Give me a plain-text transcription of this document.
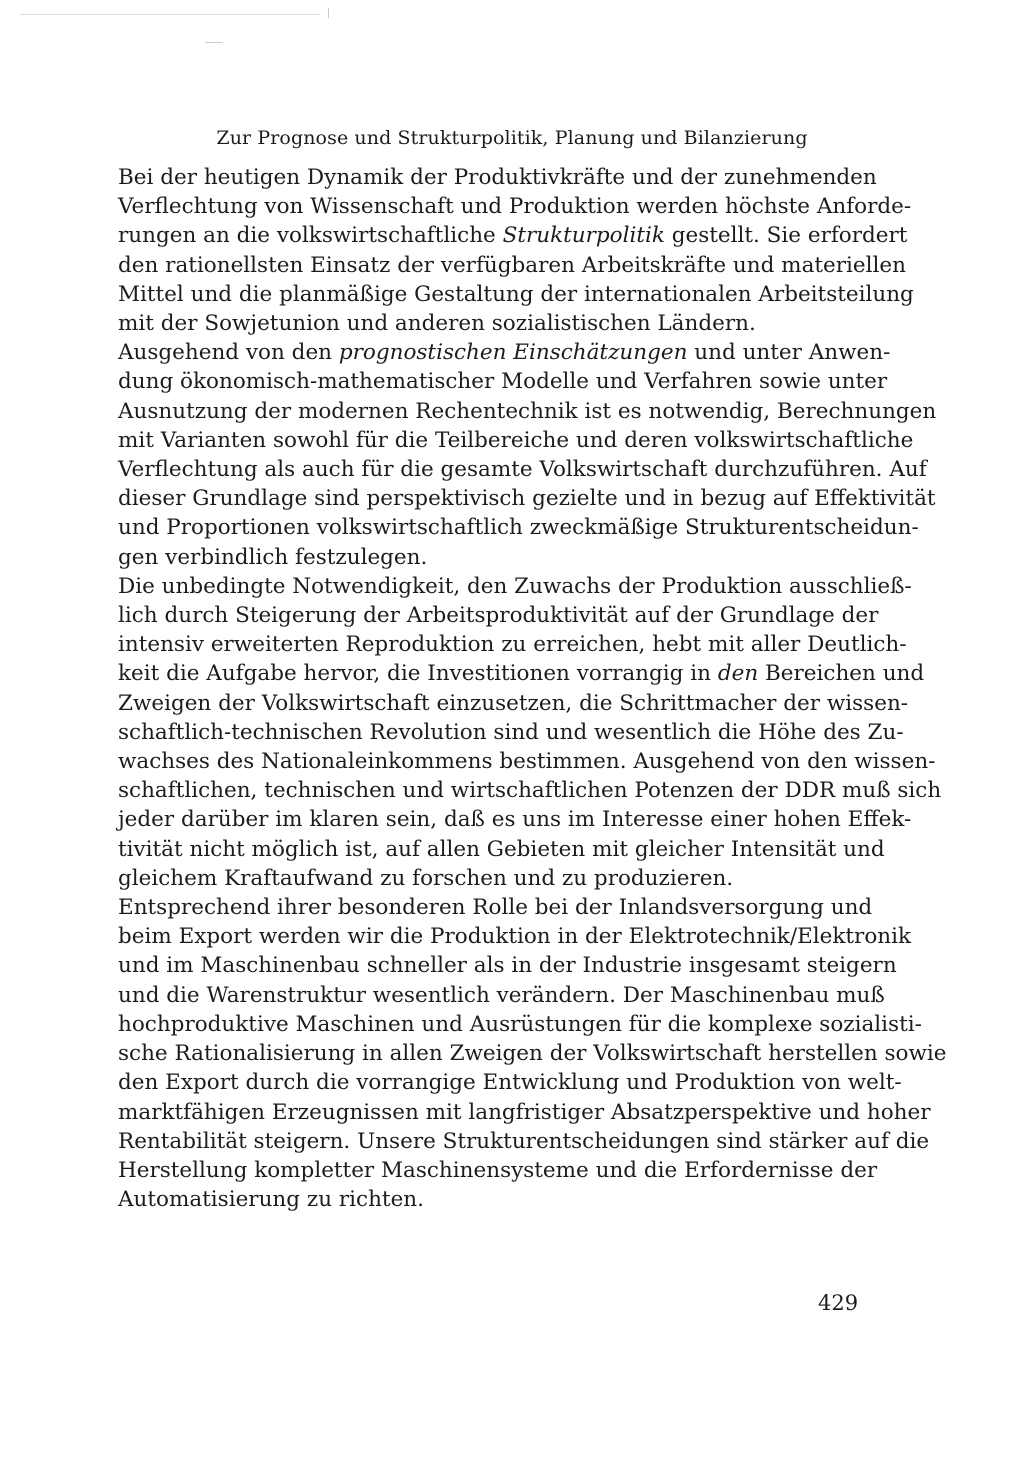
Zur Prognose und Strukturpolitik, Planung und Bilanzierung

Bei der heutigen Dynamik der Produktivkräfte und der zunehmenden
Verflechtung von Wissenschaft und Produktion werden höchste Anforde-
rungen an die volkswirtschaftliche Strukturpolitik gestellt. Sie erfordert
den rationellsten Einsatz der verfügbaren Arbeitskräfte und materiellen
Mittel und die planmäßige Gestaltung der internationalen Arbeitsteilung
mit der Sowjetunion und anderen sozialistischen Ländern.

Ausgehend von den prognostischen Einschätzungen und unter Anwen-
dung ökonomisch-mathematischer Modelle und Verfahren sowie unter
Ausnutzung der modernen Rechentechnik ist es notwendig, Berechnungen
mit Varianten sowohl für die Teilbereiche und deren volkswirtschaftliche
Verflechtung als auch für die gesamte Volkswirtschaft durchzuführen. Auf
dieser Grundlage sind perspektivisch gezielte und in bezug auf Effektivität
und Proportionen volkswirtschaftlich zweckmäßige Strukturentscheidun-
gen verbindlich festzulegen.

Die unbedingte Notwendigkeit, den Zuwachs der Produktion ausschließ-
lich durch Steigerung der Arbeitsproduktivität auf der Grundlage der
intensiv erweiterten Reproduktion zu erreichen, hebt mit aller Deutlich-
keit die Aufgabe hervor, die Investitionen vorrangig in den Bereichen und
Zweigen der Volkswirtschaft einzusetzen, die Schrittmacher der wissen-
schaftlich-technischen Revolution sind und wesentlich die Höhe des Zu-
wachses des Nationaleinkommens bestimmen. Ausgehend von den wissen-
schaftlichen, technischen und wirtschaftlichen Potenzen der DDR muß sich
jeder darüber im klaren sein, daß es uns im Interesse einer hohen Effek-
tivität nicht möglich ist, auf allen Gebieten mit gleicher Intensität und
gleichem Kraftaufwand zu forschen und zu produzieren.

Entsprechend ihrer besonderen Rolle bei der Inlandsversorgung und
beim Export werden wir die Produktion in der Elektrotechnik/Elektronik
und im Maschinenbau schneller als in der Industrie insgesamt steigern
und die Warenstruktur wesentlich verändern. Der Maschinenbau muß
hochproduktive Maschinen und Ausrüstungen für die komplexe sozialisti-
sche Rationalisierung in allen Zweigen der Volkswirtschaft herstellen sowie
den Export durch die vorrangige Entwicklung und Produktion von welt-
marktfähigen Erzeugnissen mit langfristiger Absatzperspektive und hoher
Rentabilität steigern. Unsere Strukturentscheidungen sind stärker auf die
Herstellung kompletter Maschinensysteme und die Erfordernisse der
Automatisierung zu richten.

429
